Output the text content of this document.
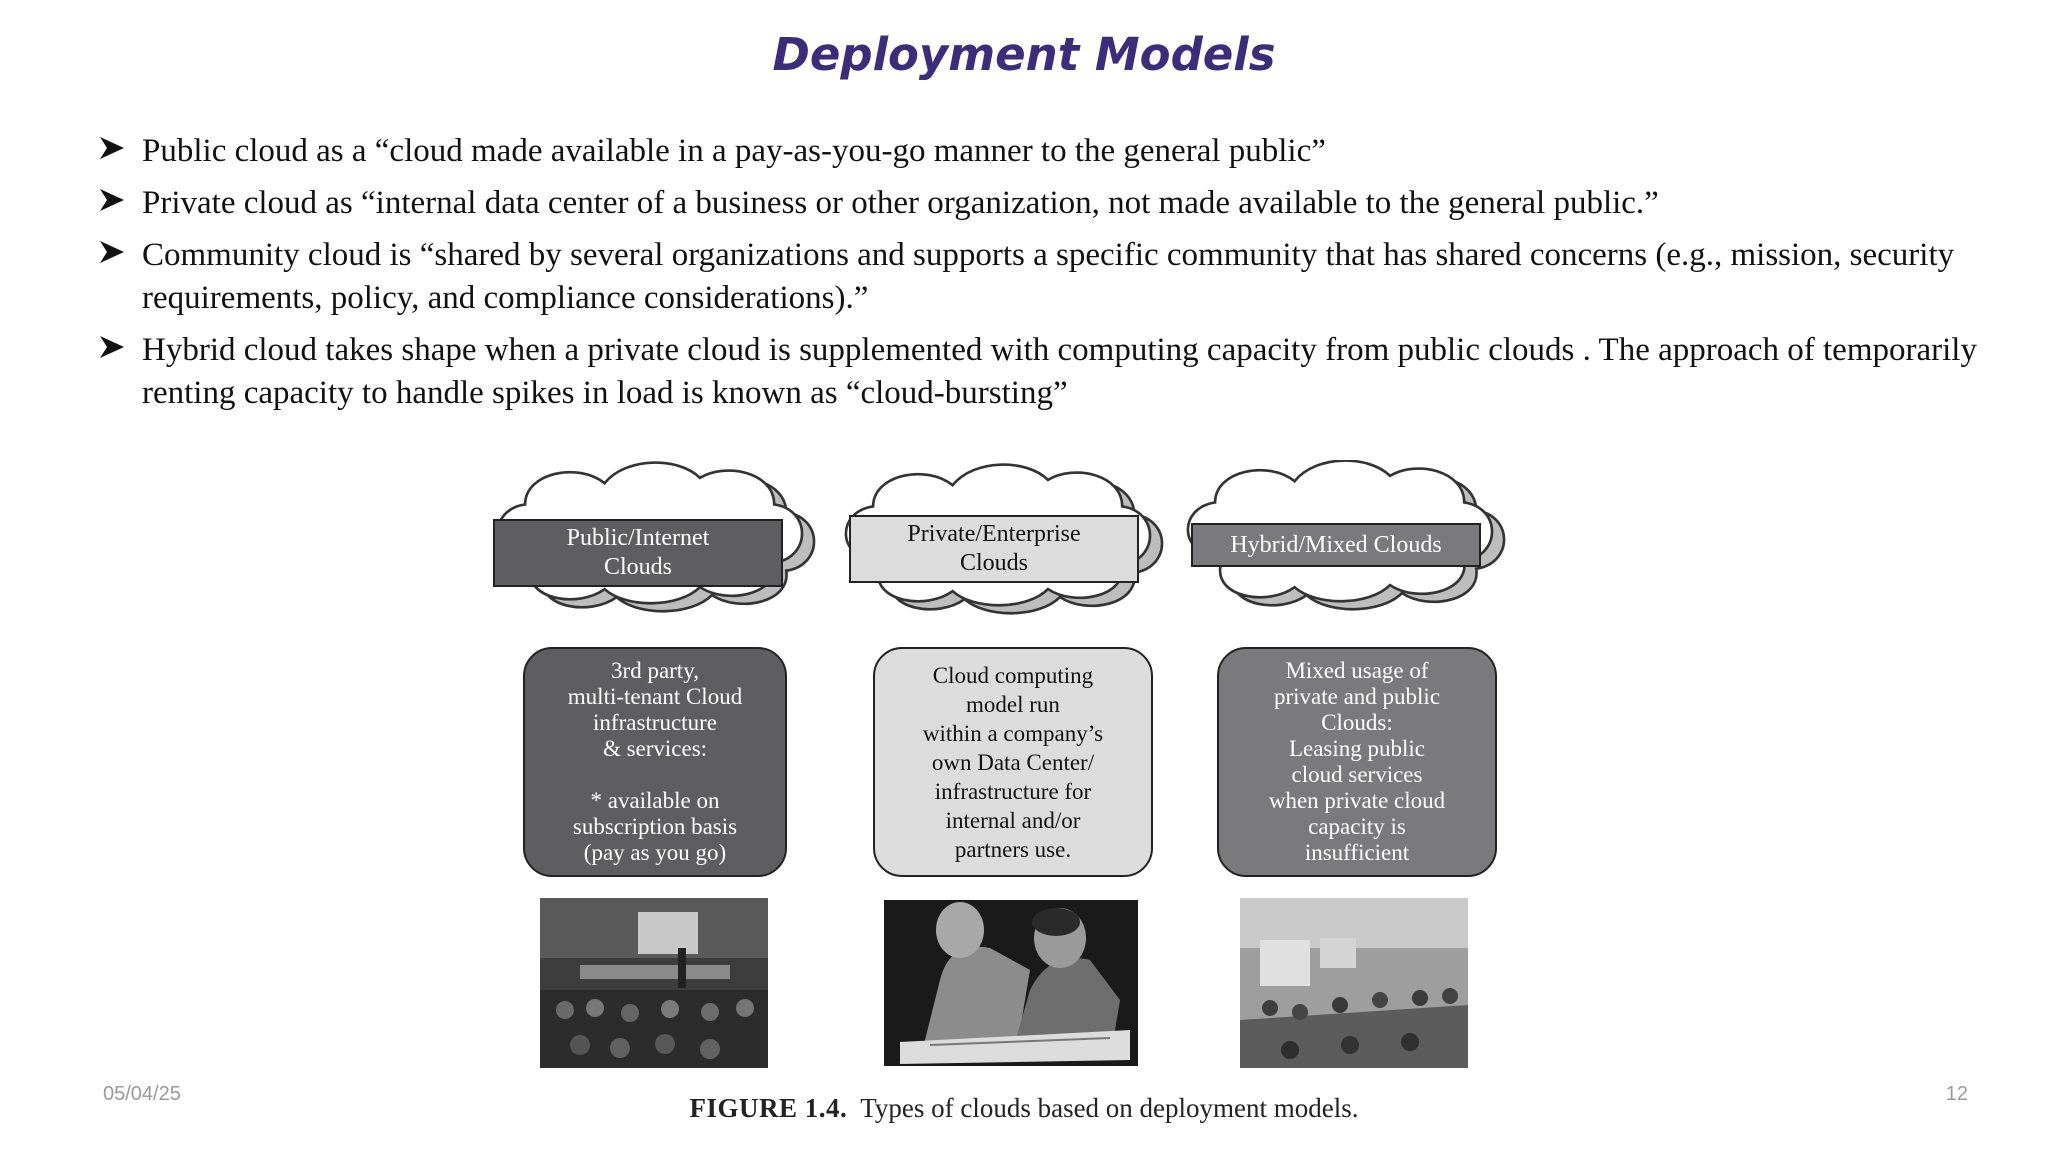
Deployment Models
Public cloud as a “cloud made available in a pay-as-you-go manner to the general public”
Private cloud as “internal data center of a business or other organization, not made available to the general public.”
Community cloud is “shared by several organizations and supports a specific community that has shared concerns (e.g., mission, security requirements, policy, and compliance considerations).”
Hybrid cloud takes shape when a private cloud is supplemented with computing capacity from public clouds . The approach of temporarily renting capacity to handle spikes in load is known as “cloud-bursting”
Public/Internet
Clouds
Private/Enterprise
Clouds
Hybrid/Mixed Clouds
3rd party,
multi-tenant Cloud
infrastructure
& services:

* available on
subscription basis
(pay as you go)
Cloud computing
model run
within a company’s
own Data Center/
infrastructure for
internal and/or
partners use.
Mixed usage of
private and public
Clouds:
Leasing public
cloud services
when private cloud
capacity is
insufficient
FIGURE 1.4. Types of clouds based on deployment models.
05/04/25	12
